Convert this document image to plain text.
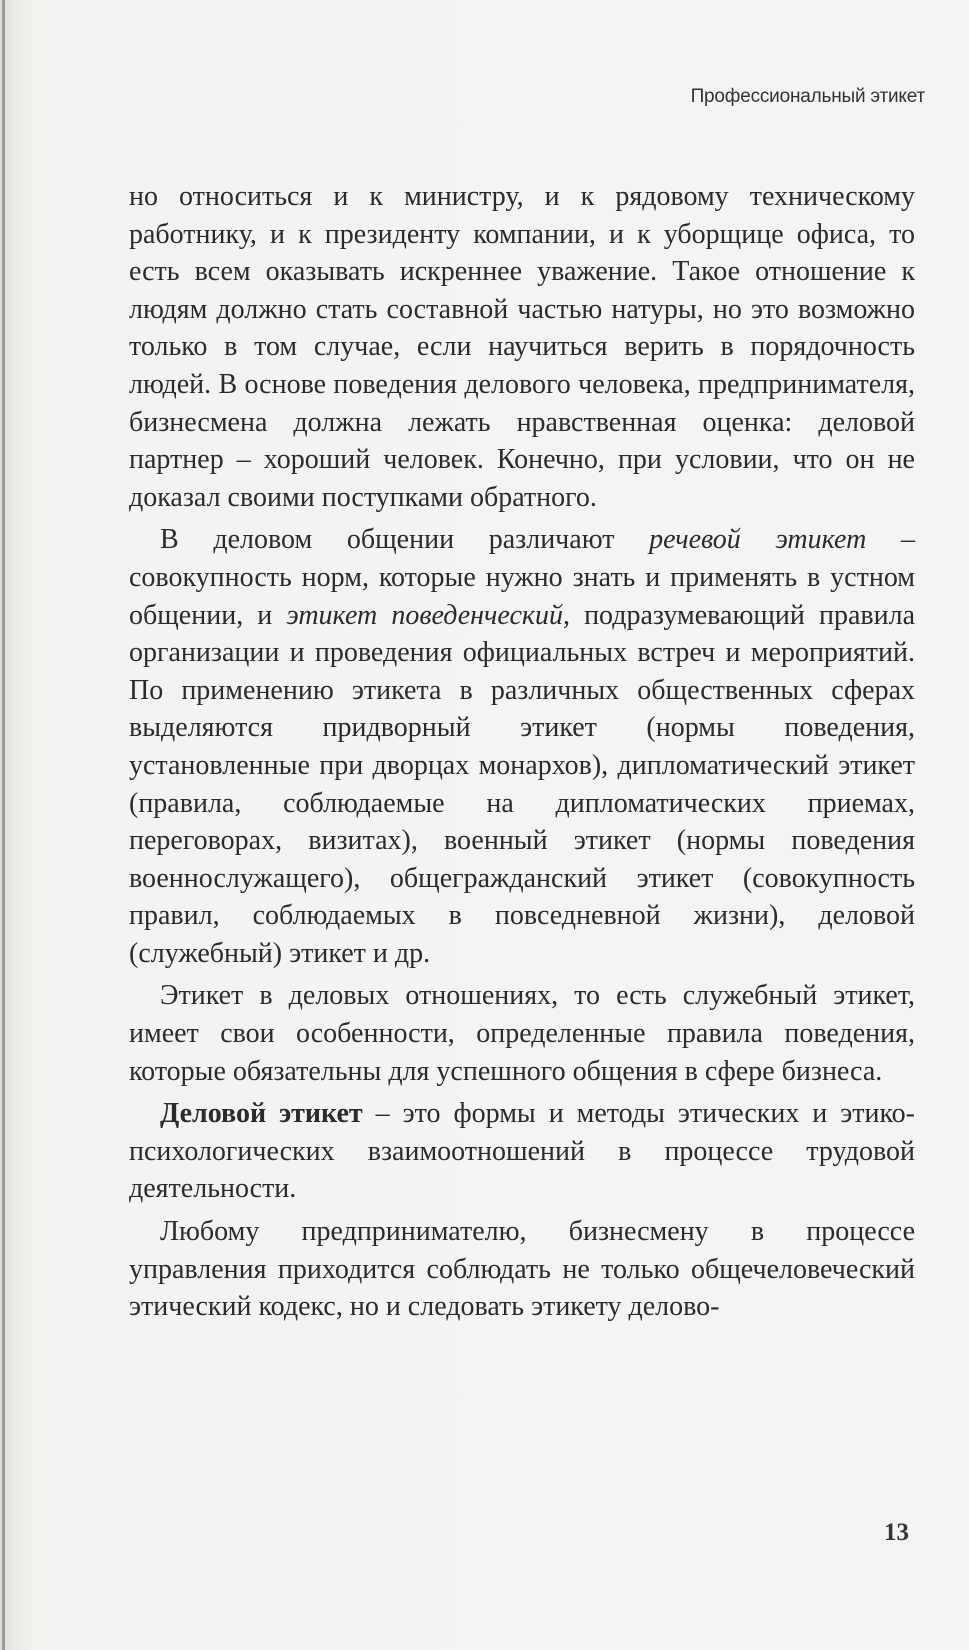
Профессиональный этикет

но относиться и к министру, и к рядовому техническому работнику, и к президенту компании, и к уборщице офиса, то есть всем оказывать искреннее уважение. Такое отношение к людям должно стать составной частью натуры, но это возможно только в том случае, если научиться верить в порядочность людей. В основе поведения делового человека, предпринимателя, бизнесмена должна лежать нравственная оценка: деловой партнер – хороший человек. Конечно, при условии, что он не доказал своими поступками обратного.

В деловом общении различают речевой этикет – совокупность норм, которые нужно знать и применять в устном общении, и этикет поведенческий, подразумевающий правила организации и проведения официальных встреч и мероприятий. По применению этикета в различных общественных сферах выделяются придворный этикет (нормы поведения, установленные при дворцах монархов), дипломатический этикет (правила, соблюдаемые на дипломатических приемах, переговорах, визитах), военный этикет (нормы поведения военнослужащего), общегражданский этикет (совокупность правил, соблюдаемых в повседневной жизни), деловой (служебный) этикет и др.

Этикет в деловых отношениях, то есть служебный этикет, имеет свои особенности, определенные правила поведения, которые обязательны для успешного общения в сфере бизнеса.

Деловой этикет – это формы и методы этических и этико-психологических взаимоотношений в процессе трудовой деятельности.

Любому предпринимателю, бизнесмену в процессе управления приходится соблюдать не только общечеловеческий этический кодекс, но и следовать этикету делово-

13
